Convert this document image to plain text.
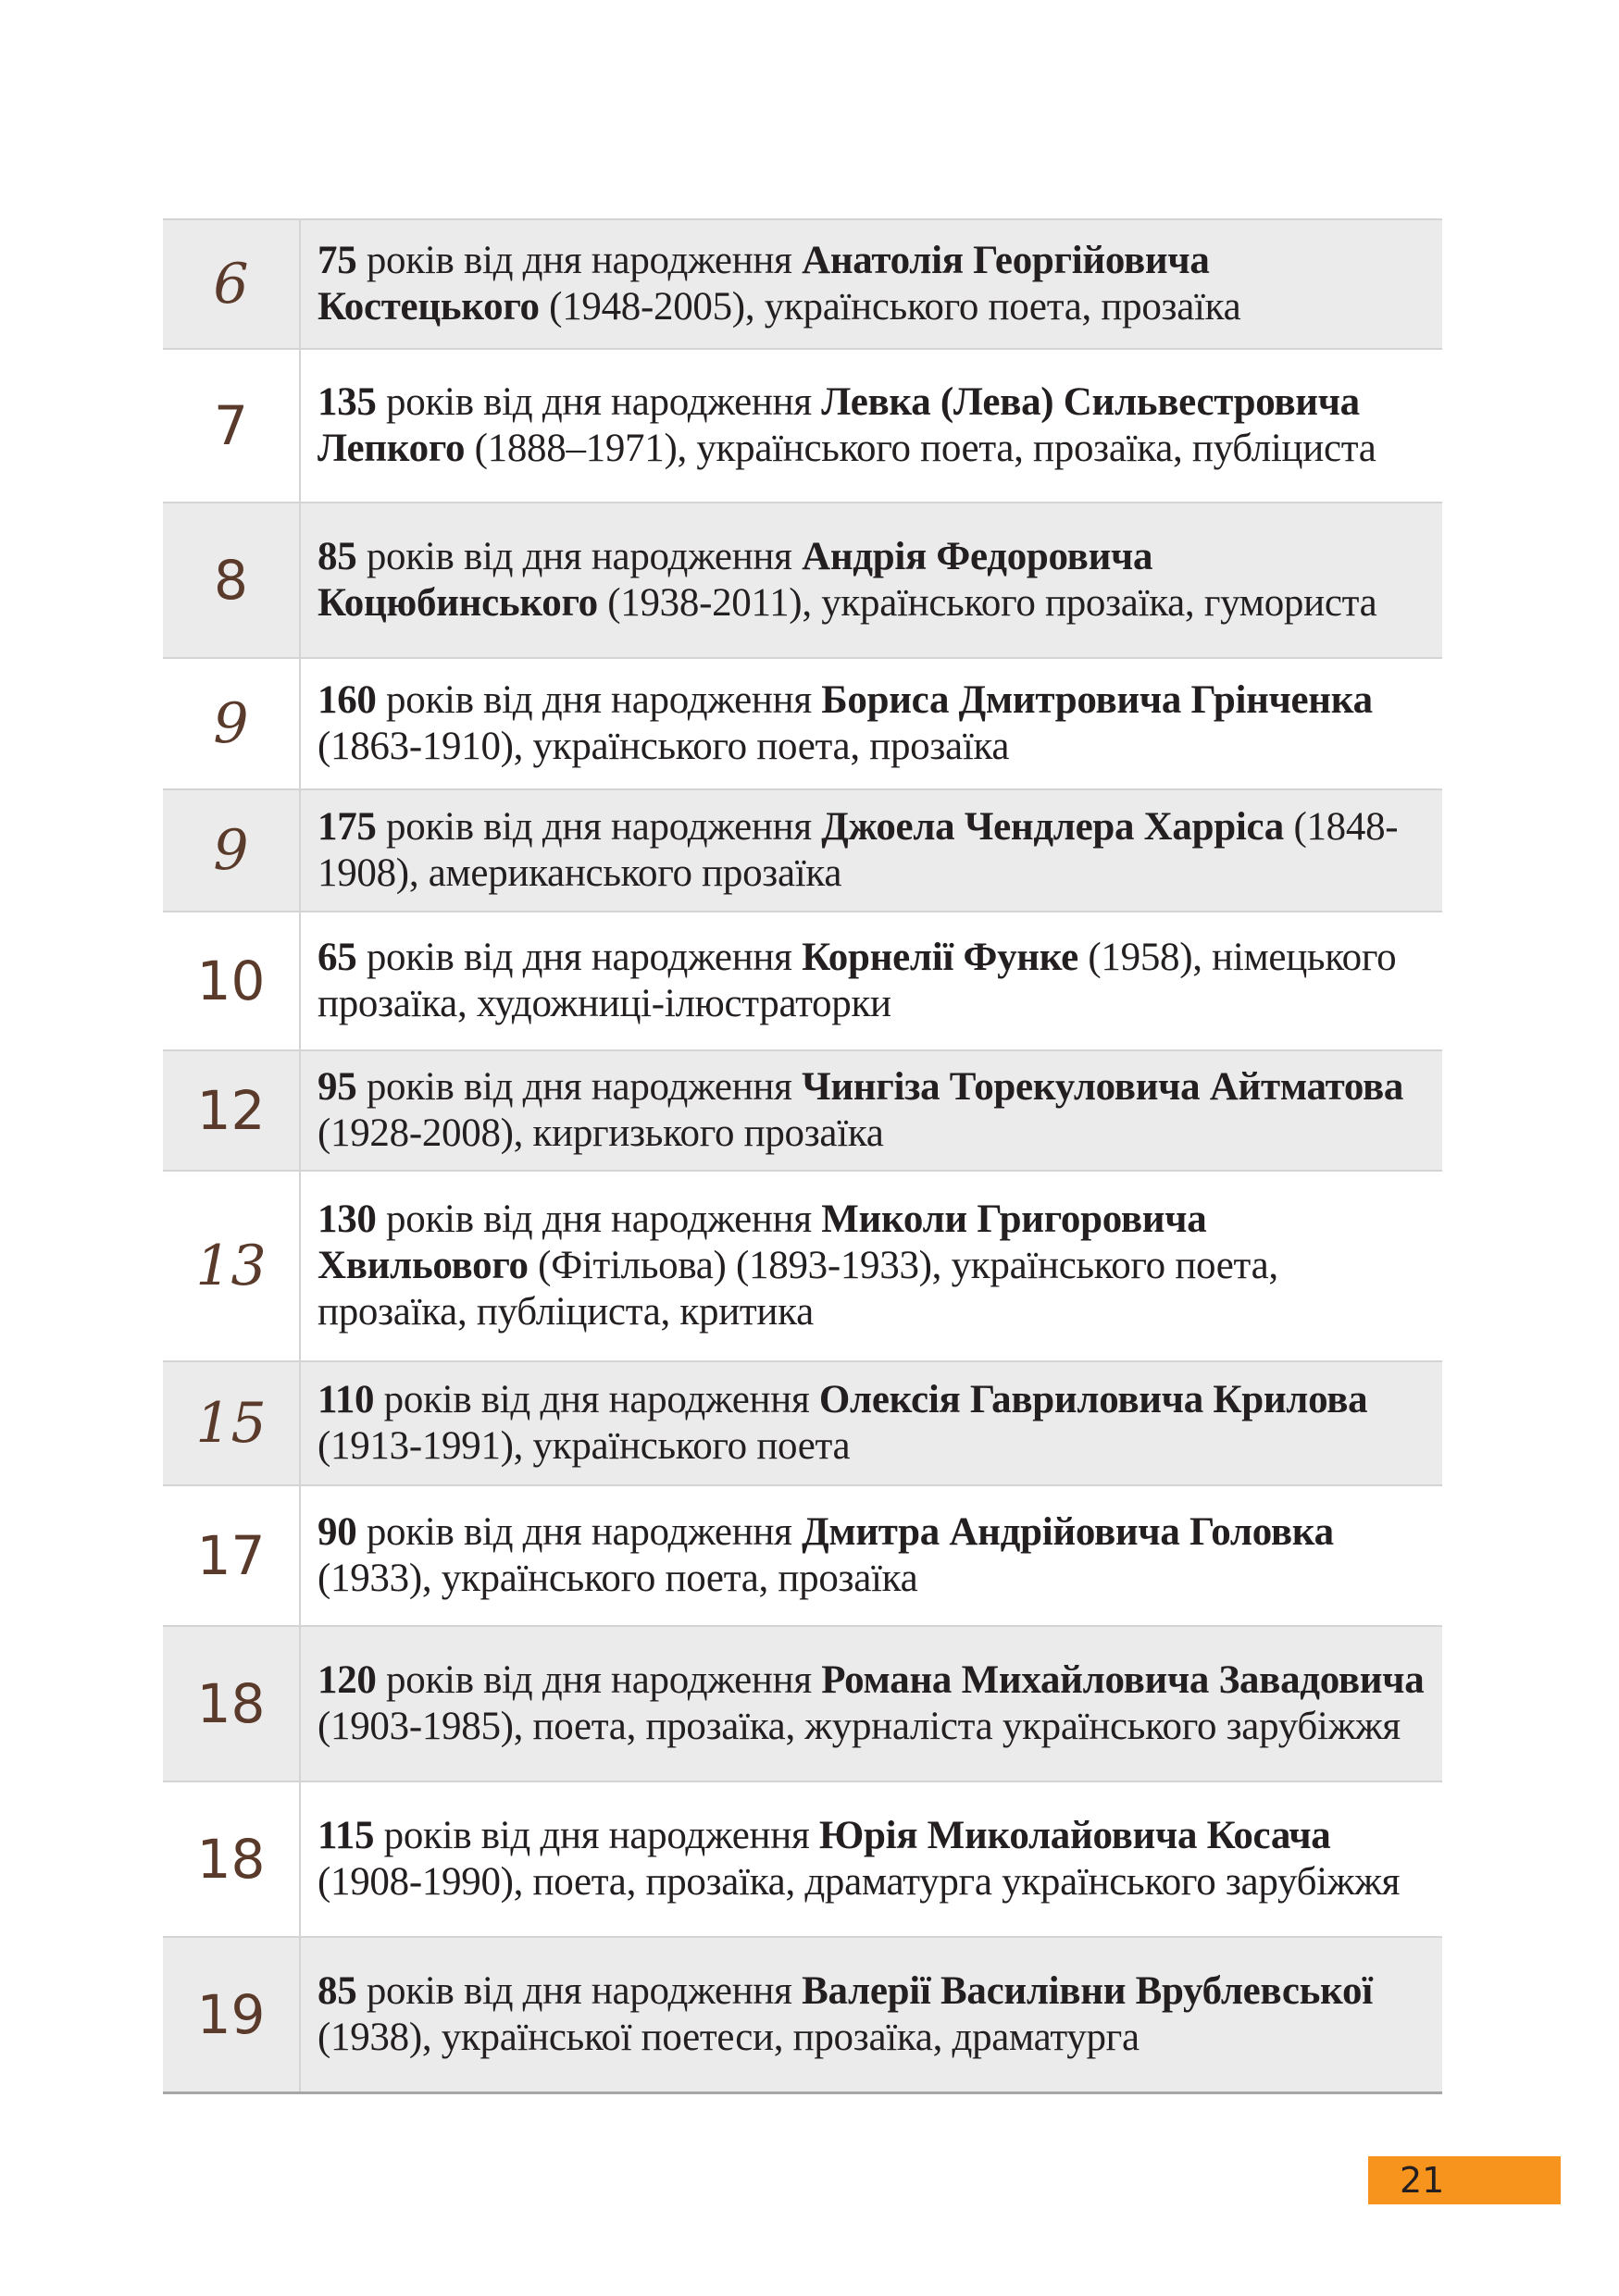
6	75 років від дня народження Анатолія Георгійовича Костецького (1948-2005), українського поета, прозаїка
7	135 років від дня народження Левка (Лева) Сильвестровича Лепкого (1888–1971), українського поета, прозаїка, публіциста
8	85 років від дня народження Андрія Федоровича Коцюбинського (1938-2011), українського прозаїка, гумориста
9	160 років від дня народження Бориса Дмитровича Грінченка (1863-1910), українського поета, прозаїка
9	175 років від дня народження Джоела Чендлера Харріса (1848-1908), американського прозаїка
10	65 років від дня народження Корнелії Функе (1958), німецького прозаїка, художниці-ілюстраторки
12	95 років від дня народження Чингіза Торекуловича Айтматова (1928-2008), киргизького прозаїка
13	130 років від дня народження Миколи Григоровича Хвильового (Фітільова) (1893-1933), українського поета, прозаїка, публіциста, критика
15	110 років від дня народження Олексія Гавриловича Крилова (1913-1991), українського поета
17	90 років від дня народження Дмитра Андрійовича Головка (1933), українського поета, прозаїка
18	120 років від дня народження Романа Михайловича Завадовича (1903-1985), поета, прозаїка, журналіста українського зарубіжжя
18	115 років від дня народження Юрія Миколайовича Косача (1908-1990), поета, прозаїка, драматурга українського зарубіжжя
19	85 років від дня народження Валерії Василівни Врублевської (1938), української поетеси, прозаїка, драматурга
21
